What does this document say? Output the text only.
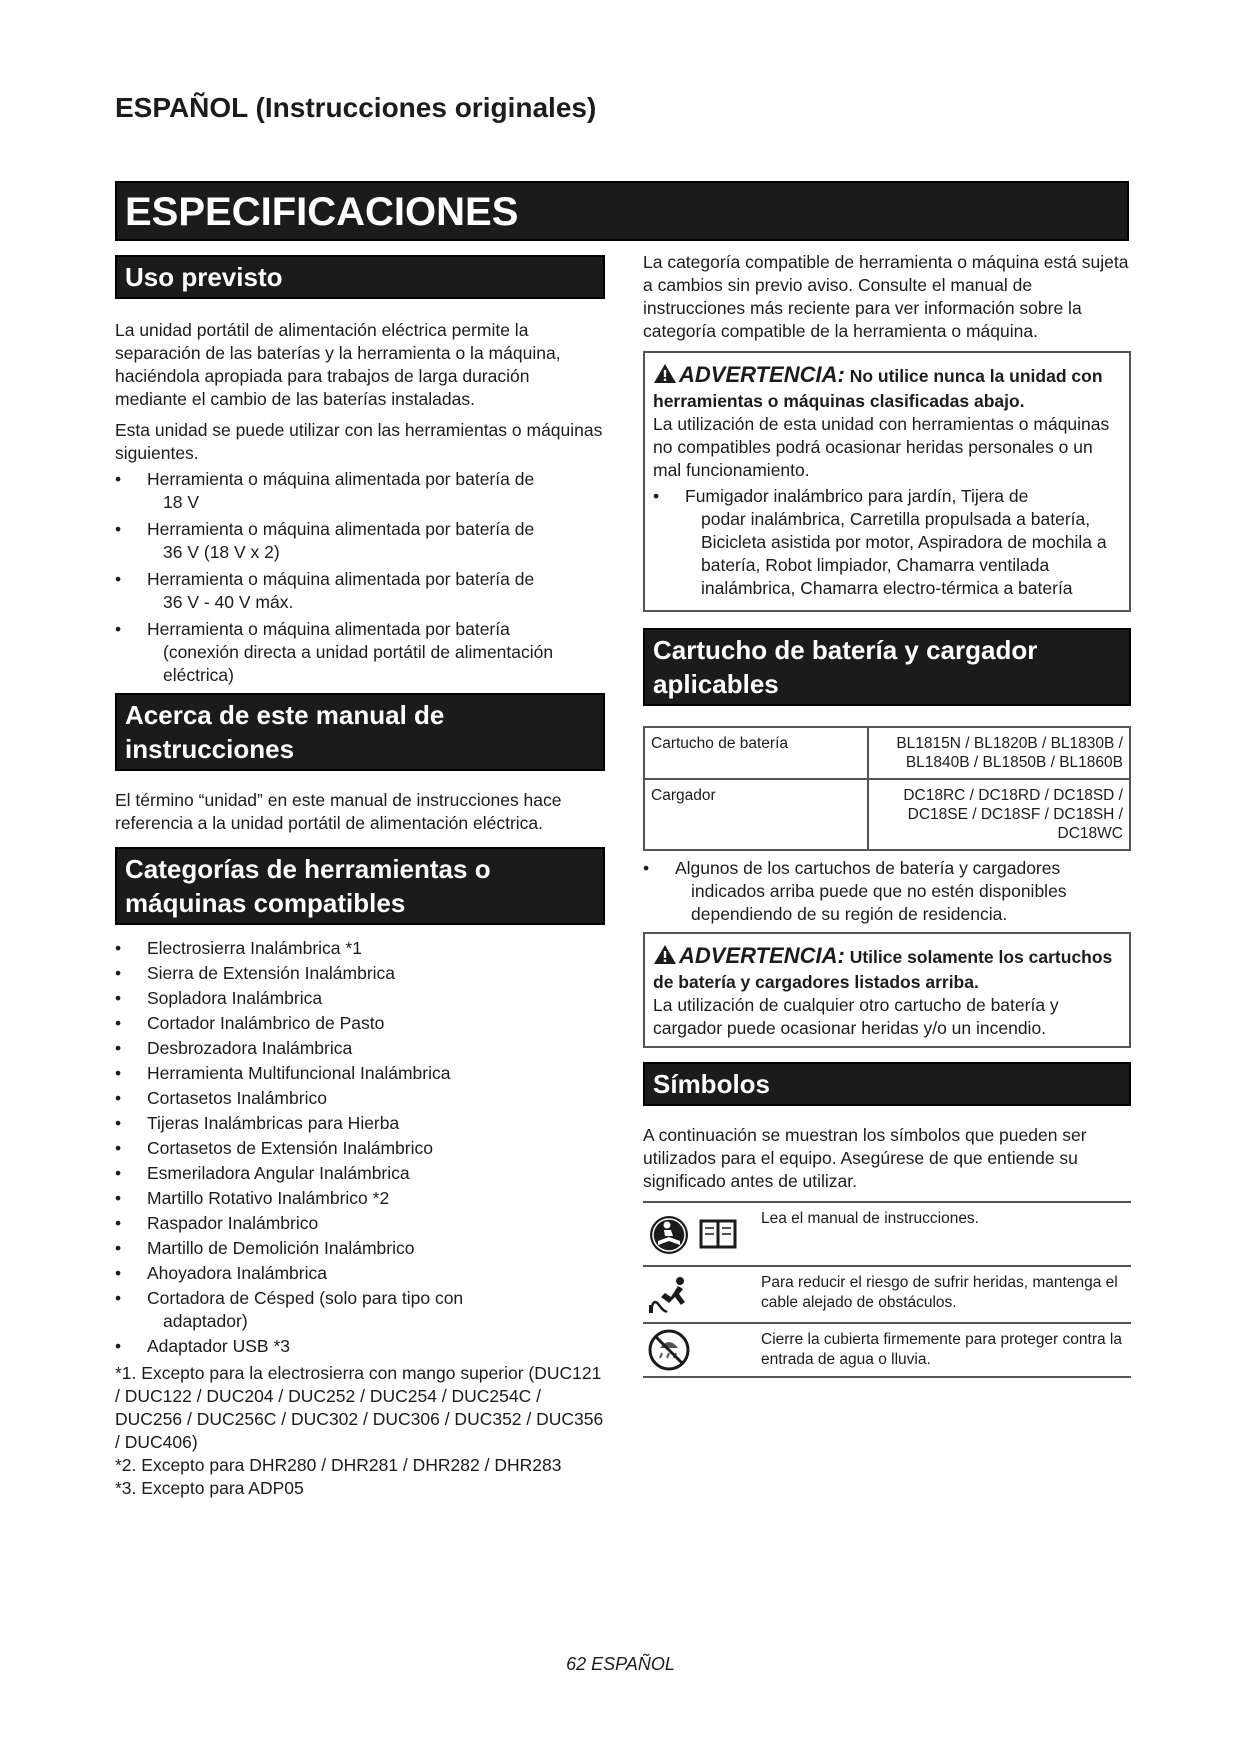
ESPAÑOL (Instrucciones originales)
ESPECIFICACIONES
Uso previsto

La unidad portátil de alimentación eléctrica permite la separación de las baterías y la herramienta o la máquina, haciéndola apropiada para trabajos de larga duración mediante el cambio de las baterías instaladas.

Esta unidad se puede utilizar con las herramientas o máquinas siguientes.

• Herramienta o máquina alimentada por batería de
18 V
• Herramienta o máquina alimentada por batería de
36 V (18 V x 2)
• Herramienta o máquina alimentada por batería de
36 V - 40 V máx.
• Herramienta o máquina alimentada por batería
(conexión directa a unidad portátil de alimentación eléctrica)
Acerca de este manual de instrucciones

El término “unidad” en este manual de instrucciones hace referencia a la unidad portátil de alimentación eléctrica.

Categorías de herramientas o máquinas compatibles
• Electrosierra Inalámbrica *1
• Sierra de Extensión Inalámbrica
• Sopladora Inalámbrica
• Cortador Inalámbrico de Pasto
• Desbrozadora Inalámbrica
• Herramienta Multifuncional Inalámbrica
• Cortasetos Inalámbrico
• Tijeras Inalámbricas para Hierba
• Cortasetos de Extensión Inalámbrico
• Esmeriladora Angular Inalámbrica
• Martillo Rotativo Inalámbrico *2
• Raspador Inalámbrico
• Martillo de Demolición Inalámbrico
• Ahoyadora Inalámbrica
• Cortadora de Césped (solo para tipo con
adaptador)
• Adaptador USB *3

*1. Excepto para la electrosierra con mango superior (DUC121 / DUC122 / DUC204 / DUC252 / DUC254 / DUC254C / DUC256 / DUC256C / DUC302 / DUC306 / DUC352 / DUC356 / DUC406)

*2. Excepto para DHR280 / DHR281 / DHR282 / DHR283

*3. Excepto para ADP05

La categoría compatible de herramienta o máquina está sujeta a cambios sin previo aviso. Consulte el manual de instrucciones más reciente para ver información sobre la categoría compatible de la herramienta o máquina.

ADVERTENCIA: No utilice nunca la unidad con herramientas o máquinas clasificadas abajo.
La utilización de esta unidad con herramientas o máquinas no compatibles podrá ocasionar heridas personales o un mal funcionamiento.
• Fumigador inalámbrico para jardín, Tijera de
podar inalámbrica, Carretilla propulsada a batería, Bicicleta asistida por motor, Aspiradora de mochila a batería, Robot limpiador, Chamarra ventilada inalámbrica, Chamarra electro-térmica a batería
Cartucho de batería y cargador aplicables
Cartucho de batería	BL1815N / BL1820B / BL1830B / BL1840B / BL1850B / BL1860B
Cargador	DC18RC / DC18RD / DC18SD / DC18SE / DC18SF / DC18SH / DC18WC
• Algunos de los cartuchos de batería y cargadores
indicados arriba puede que no estén disponibles dependiendo de su región de residencia.
ADVERTENCIA: Utilice solamente los cartuchos de batería y cargadores listados arriba.
La utilización de cualquier otro cartucho de batería y cargador puede ocasionar heridas y/o un incendio.
Símbolos

A continuación se muestran los símbolos que pueden ser utilizados para el equipo. Asegúrese de que entiende su significado antes de utilizar.

Lea el manual de instrucciones.
Para reducir el riesgo de sufrir heridas, mantenga el cable alejado de obstáculos.
Cierre la cubierta firmemente para proteger contra la entrada de agua o lluvia.
62 ESPAÑOL
